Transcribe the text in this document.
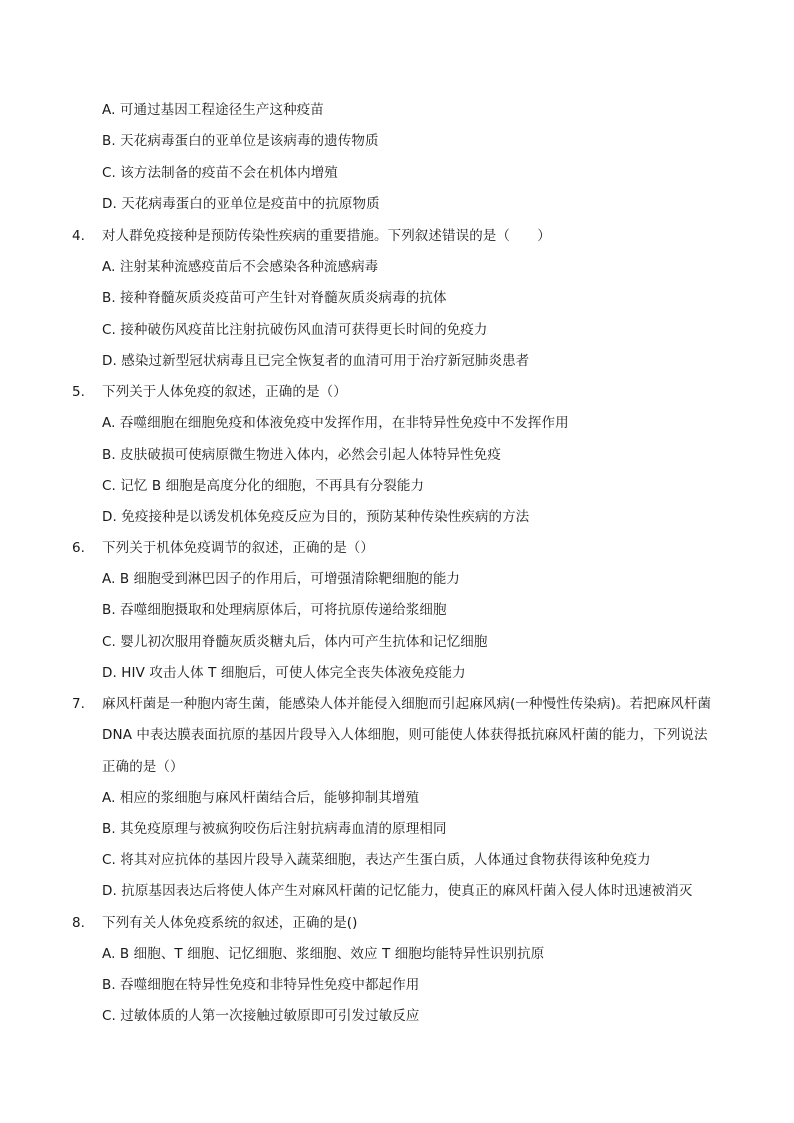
A. 可通过基因工程途径生产这种疫苗
B. 天花病毒蛋白的亚单位是该病毒的遗传物质
C. 该方法制备的疫苗不会在机体内增殖
D. 天花病毒蛋白的亚单位是疫苗中的抗原物质
4. 对人群免疫接种是预防传染性疾病的重要措施。下列叙述错误的是（　　）
A. 注射某种流感疫苗后不会感染各种流感病毒
B. 接种脊髓灰质炎疫苗可产生针对脊髓灰质炎病毒的抗体
C. 接种破伤风疫苗比注射抗破伤风血清可获得更长时间的免疫力
D. 感染过新型冠状病毒且已完全恢复者的血清可用于治疗新冠肺炎患者
5. 下列关于人体免疫的叙述，正确的是（）
A. 吞噬细胞在细胞免疫和体液免疫中发挥作用，在非特异性免疫中不发挥作用
B. 皮肤破损可使病原微生物进入体内，必然会引起人体特异性免疫
C. 记忆 B 细胞是高度分化的细胞，不再具有分裂能力
D. 免疫接种是以诱发机体免疫反应为目的，预防某种传染性疾病的方法
6. 下列关于机体免疫调节的叙述，正确的是（）
A. B 细胞受到淋巴因子的作用后，可增强清除靶细胞的能力
B. 吞噬细胞摄取和处理病原体后，可将抗原传递给浆细胞
C. 婴儿初次服用脊髓灰质炎糖丸后，体内可产生抗体和记忆细胞
D. HIV 攻击人体 T 细胞后，可使人体完全丧失体液免疫能力
7. 麻风杆菌是一种胞内寄生菌，能感染人体并能侵入细胞而引起麻风病(一种慢性传染病)。若把麻风杆菌
DNA 中表达膜表面抗原的基因片段导入人体细胞，则可能使人体获得抵抗麻风杆菌的能力，下列说法
正确的是（）
A. 相应的浆细胞与麻风杆菌结合后，能够抑制其增殖
B. 其免疫原理与被疯狗咬伤后注射抗病毒血清的原理相同
C. 将其对应抗体的基因片段导入蔬菜细胞，表达产生蛋白质，人体通过食物获得该种免疫力
D. 抗原基因表达后将使人体产生对麻风杆菌的记忆能力，使真正的麻风杆菌入侵人体时迅速被消灭
8. 下列有关人体免疫系统的叙述，正确的是()
A. B 细胞、T 细胞、记忆细胞、浆细胞、效应 T 细胞均能特异性识别抗原
B. 吞噬细胞在特异性免疫和非特异性免疫中都起作用
C. 过敏体质的人第一次接触过敏原即可引发过敏反应
